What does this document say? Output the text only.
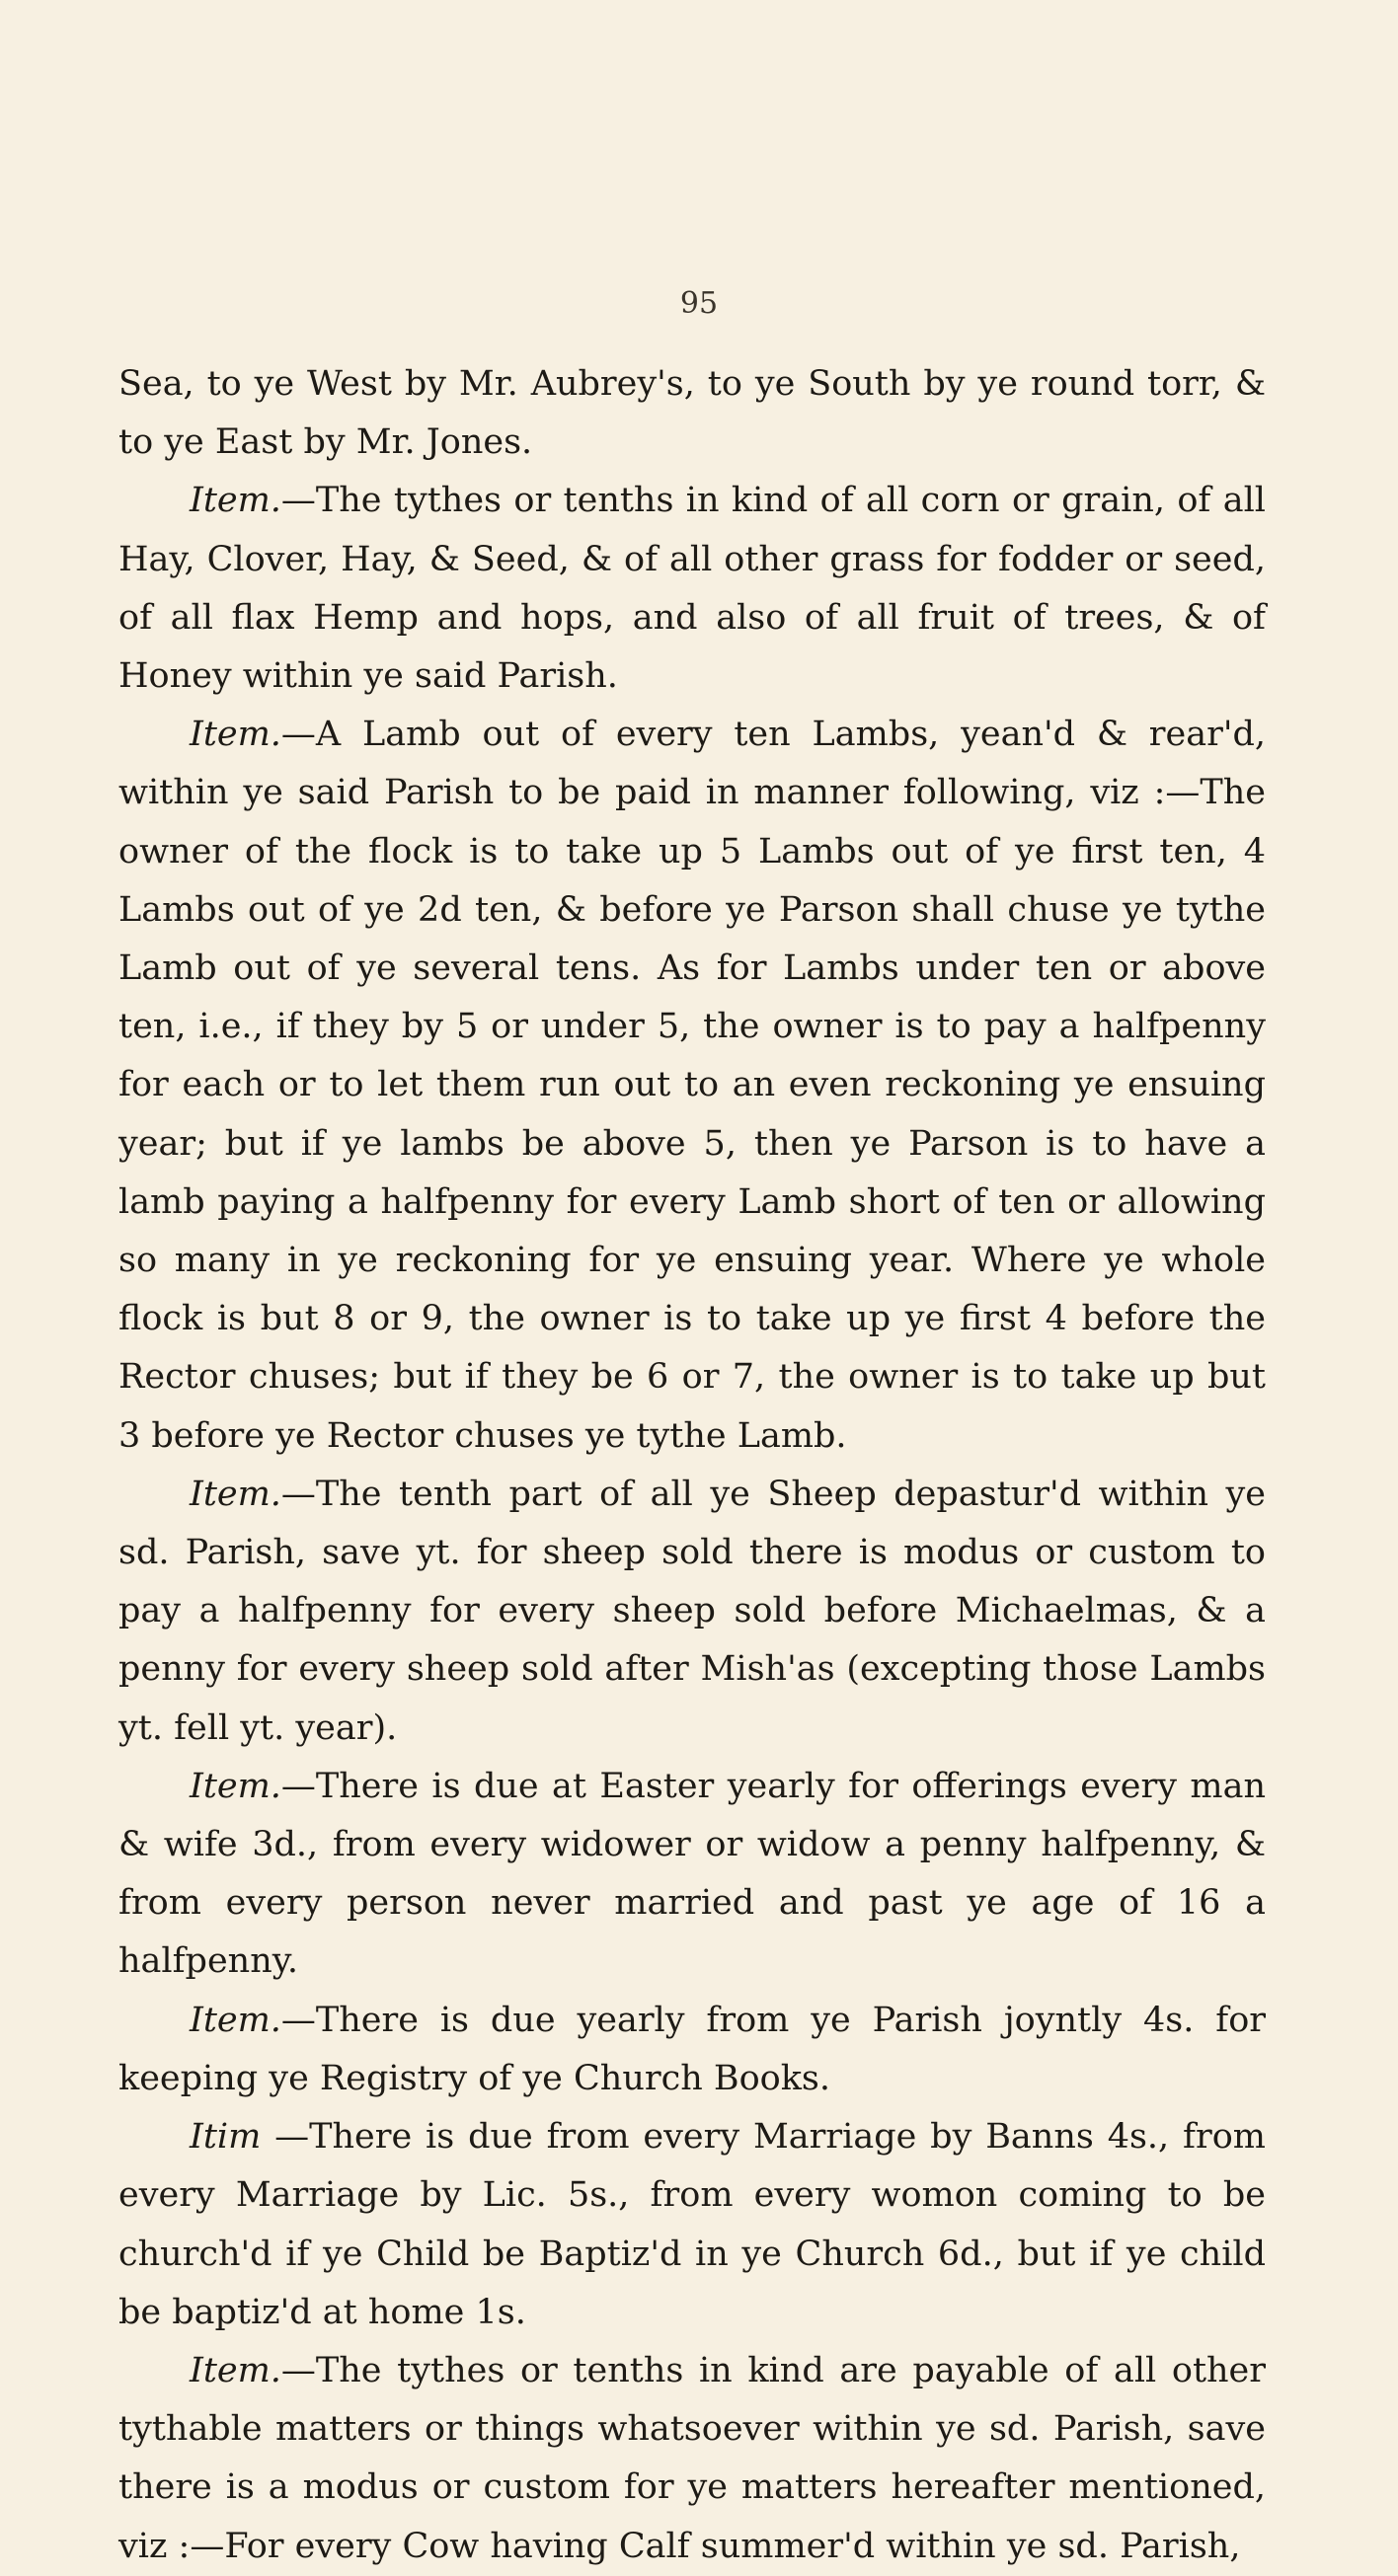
95

Sea, to ye West by Mr. Aubrey's, to ye South by ye round torr, & to ye East by Mr. Jones.

Item.—The tythes or tenths in kind of all corn or grain, of all Hay, Clover, Hay, & Seed, & of all other grass for fodder or seed, of all flax Hemp and hops, and also of all fruit of trees, & of Honey within ye said Parish.

Item.—A Lamb out of every ten Lambs, yean'd & rear'd, within ye said Parish to be paid in manner following, viz :—The owner of the flock is to take up 5 Lambs out of ye first ten, 4 Lambs out of ye 2d ten, & before ye Parson shall chuse ye tythe Lamb out of ye several tens. As for Lambs under ten or above ten, i.e., if they by 5 or under 5, the owner is to pay a halfpenny for each or to let them run out to an even reckoning ye ensuing year; but if ye lambs be above 5, then ye Parson is to have a lamb paying a halfpenny for every Lamb short of ten or allowing so many in ye reckoning for ye ensuing year. Where ye whole flock is but 8 or 9, the owner is to take up ye first 4 before the Rector chuses; but if they be 6 or 7, the owner is to take up but 3 before ye Rector chuses ye tythe Lamb.

Item.—The tenth part of all ye Sheep depastur'd within ye sd. Parish, save yt. for sheep sold there is modus or custom to pay a halfpenny for every sheep sold before Michaelmas, & a penny for every sheep sold after Mish'as (excepting those Lambs yt. fell yt. year).

Item.—There is due at Easter yearly for offerings every man & wife 3d., from every widower or widow a penny halfpenny, & from every person never married and past ye age of 16 a halfpenny.

Item.—There is due yearly from ye Parish joyntly 4s. for keeping ye Registry of ye Church Books.

Itim —There is due from every Marriage by Banns 4s., from every Marriage by Lic. 5s., from every womon coming to be church'd if ye Child be Baptiz'd in ye Church 6d., but if ye child be baptiz'd at home 1s.

Item.—The tythes or tenths in kind are payable of all other tythable matters or things whatsoever within ye sd. Parish, save there is a modus or custom for ye matters hereafter mentioned, viz :—For every Cow having Calf summer'd within ye sd. Parish,
